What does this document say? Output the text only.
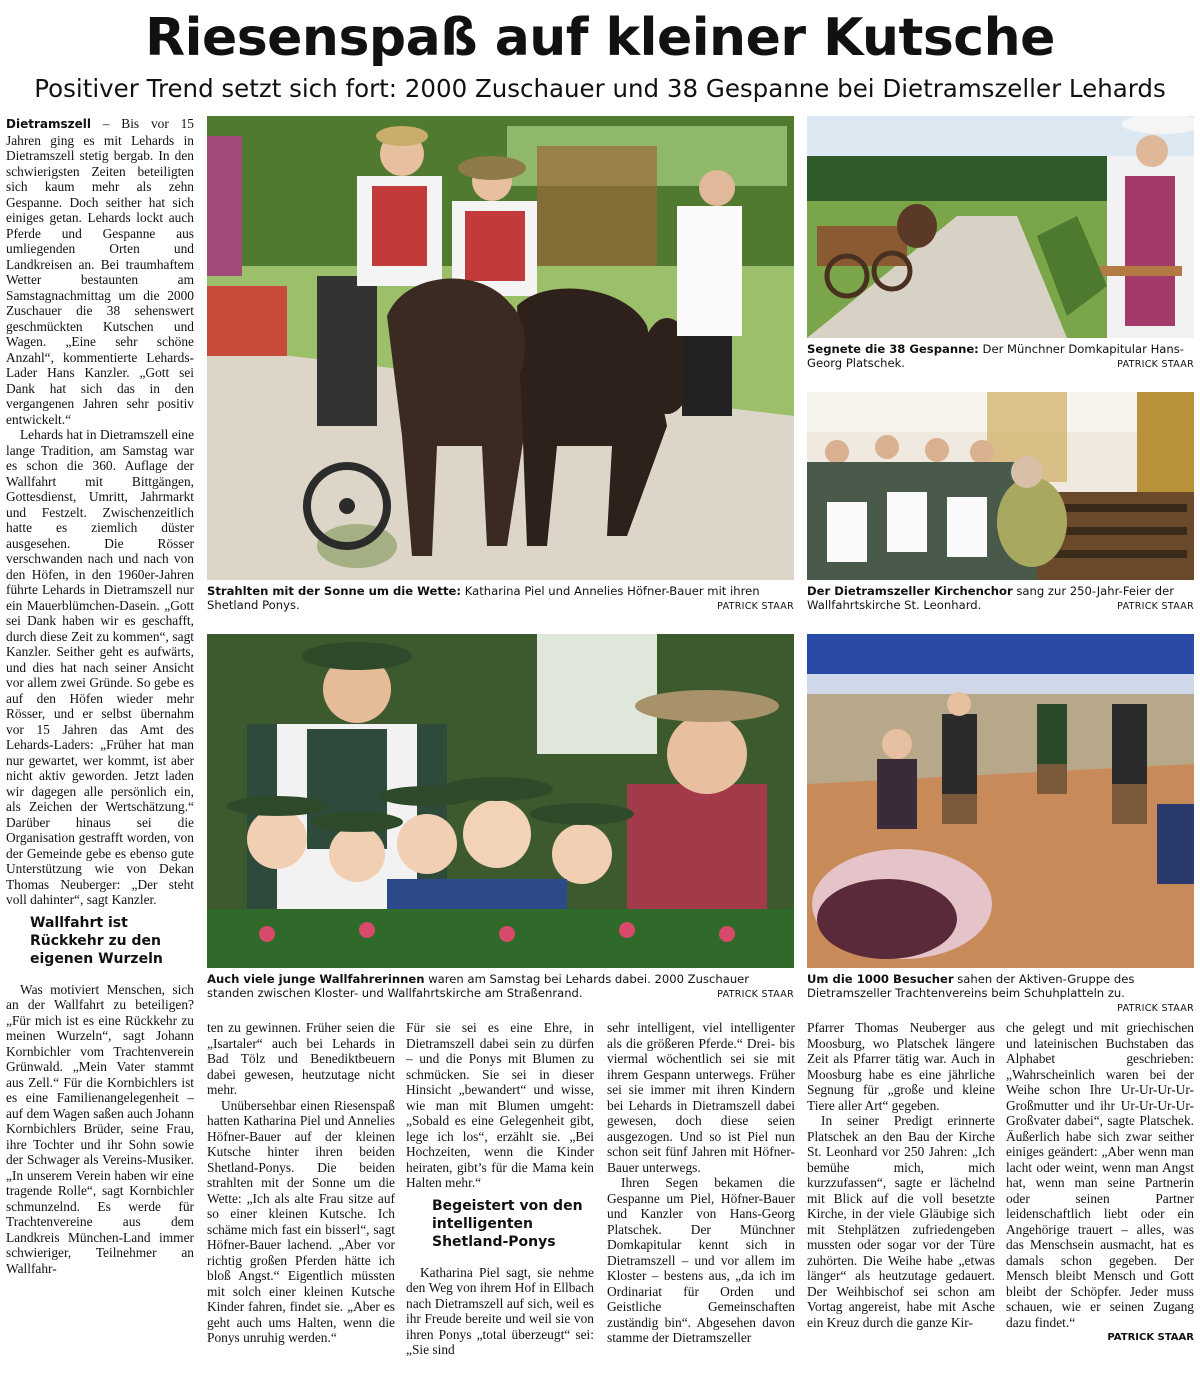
Riesenspaß auf kleiner Kutsche
Positiver Trend setzt sich fort: 2000 Zuschauer und 38 Gespanne bei Dietramszeller Lehards
Strahlten mit der Sonne um die Wette: Katharina Piel und Annelies Höfner-Bauer mit ihren Shetland Ponys.	PATRICK STAAR
Segnete die 38 Gespanne: Der Münchner Domkapitular Hans-Georg Platschek.	PATRICK STAAR
Der Dietramszeller Kirchenchor sang zur 250-Jahr-Feier der Wallfahrtskirche St. Leonhard.	PATRICK STAAR
Auch viele junge Wallfahrerinnen waren am Samstag bei Lehards dabei. 2000 Zuschauer standen zwischen Kloster- und Wallfahrtskirche am Straßenrand.	PATRICK STAAR
Um die 1000 Besucher sahen der Aktiven-Gruppe des Dietramszeller Trachtenvereins beim Schuhplatteln zu.
PATRICK STAAR

Dietramszell – Bis vor 15 Jahren ging es mit Lehards in Dietramszell stetig bergab. In den schwierigsten Zeiten beteiligten sich kaum mehr als zehn Gespanne. Doch seither hat sich einiges getan. Lehards lockt auch Pferde und Gespanne aus umliegenden Orten und Landkreisen an. Bei traumhaftem Wetter bestaunten am Samstagnachmittag um die 2000 Zuschauer die 38 sehenswert geschmückten Kutschen und Wagen. „Eine sehr schöne Anzahl“, kommentierte Lehards-Lader Hans Kanzler. „Gott sei Dank hat sich das in den vergangenen Jahren sehr positiv entwickelt.“

Lehards hat in Dietramszell eine lange Tradition, am Samstag war es schon die 360. Auflage der Wallfahrt mit Bittgängen, Gottesdienst, Umritt, Jahrmarkt und Festzelt. Zwischenzeitlich hatte es ziemlich düster ausgesehen. Die Rösser verschwanden nach und nach von den Höfen, in den 1960er-Jahren führte Lehards in Dietramszell nur ein Mauerblümchen-Dasein. „Gott sei Dank haben wir es geschafft, durch diese Zeit zu kommen“, sagt Kanzler. Seither geht es aufwärts, und dies hat nach seiner Ansicht vor allem zwei Gründe. So gebe es auf den Höfen wieder mehr Rösser, und er selbst übernahm vor 15 Jahren das Amt des Lehards-Laders: „Früher hat man nur gewartet, wer kommt, ist aber nicht aktiv geworden. Jetzt laden wir dagegen alle persönlich ein, als Zeichen der Wertschätzung.“ Darüber hinaus sei die Organisation gestrafft worden, von der Gemeinde gebe es ebenso gute Unterstützung wie von Dekan Thomas Neuberger: „Der steht voll dahinter“, sagt Kanzler.

Wallfahrt ist Rückkehr zu den eigenen Wurzeln

Was motiviert Menschen, sich an der Wallfahrt zu beteiligen? „Für mich ist es eine Rückkehr zu meinen Wurzeln“, sagt Johann Kornbichler vom Trachtenverein Grünwald. „Mein Vater stammt aus Zell.“ Für die Kornbichlers ist es eine Familienangelegenheit – auf dem Wagen saßen auch Johann Kornbichlers Brüder, seine Frau, ihre Tochter und ihr Sohn sowie der Schwager als Vereins-Musiker. „In unserem Verein haben wir eine tragende Rolle“, sagt Kornbichler schmunzelnd. Es werde für Trachtenvereine aus dem Landkreis München-Land immer schwieriger, Teilnehmer an Wallfahr-

ten zu gewinnen. Früher seien die „Isartaler“ auch bei Lehards in Bad Tölz und Benediktbeuern dabei gewesen, heutzutage nicht mehr.

Unübersehbar einen Riesenspaß hatten Katharina Piel und Annelies Höfner-Bauer auf der kleinen Kutsche hinter ihren beiden Shetland-Ponys. Die beiden strahlten mit der Sonne um die Wette: „Ich als alte Frau sitze auf so einer kleinen Kutsche. Ich schäme mich fast ein bisserl“, sagt Höfner-Bauer lachend. „Aber vor richtig großen Pferden hätte ich bloß Angst.“ Eigentlich müssten mit solch einer kleinen Kutsche Kinder fahren, findet sie. „Aber es geht auch ums Halten, wenn die Ponys unruhig werden.“

Für sie sei es eine Ehre, in Dietramszell dabei sein zu dürfen – und die Ponys mit Blumen zu schmücken. Sie sei in dieser Hinsicht „bewandert“ und wisse, wie man mit Blumen umgeht: „Sobald es eine Gelegenheit gibt, lege ich los“, erzählt sie. „Bei Hochzeiten, wenn die Kinder heiraten, gibt’s für die Mama kein Halten mehr.“

Begeistert von den intelligenten Shetland-Ponys

Katharina Piel sagt, sie nehme den Weg von ihrem Hof in Ellbach nach Dietramszell auf sich, weil es ihr Freude bereite und weil sie von ihren Ponys „total überzeugt“ sei: „Sie sind

sehr intelligent, viel intelligenter als die größeren Pferde.“ Drei- bis viermal wöchentlich sei sie mit ihrem Gespann unterwegs. Früher sei sie immer mit ihren Kindern bei Lehards in Dietramszell dabei gewesen, doch diese seien ausgezogen. Und so ist Piel nun schon seit fünf Jahren mit Höfner-Bauer unterwegs.

Ihren Segen bekamen die Gespanne um Piel, Höfner-Bauer und Kanzler von Hans-Georg Platschek. Der Münchner Domkapitular kennt sich in Dietramszell – und vor allem im Kloster – bestens aus, „da ich im Ordinariat für Orden und Geistliche Gemeinschaften zuständig bin“. Abgesehen davon stamme der Dietramszeller

Pfarrer Thomas Neuberger aus Moosburg, wo Platschek längere Zeit als Pfarrer tätig war. Auch in Moosburg habe es eine jährliche Segnung für „große und kleine Tiere aller Art“ gegeben.

In seiner Predigt erinnerte Platschek an den Bau der Kirche St. Leonhard vor 250 Jahren: „Ich bemühe mich, mich kurzzufassen“, sagte er lächelnd mit Blick auf die voll besetzte Kirche, in der viele Gläubige sich mit Stehplätzen zufriedengeben mussten oder sogar vor der Türe zuhörten. Die Weihe habe „etwas länger“ als heutzutage gedauert. Der Weihbischof sei schon am Vortag angereist, habe mit Asche ein Kreuz durch die ganze Kir-

che gelegt und mit griechischen und lateinischen Buchstaben das Alphabet geschrieben: „Wahrscheinlich waren bei der Weihe schon Ihre Ur-Ur-Ur-Ur-Großmutter und ihr Ur-Ur-Ur-Ur-Großvater dabei“, sagte Platschek. Äußerlich habe sich zwar seither einiges geändert: „Aber wenn man lacht oder weint, wenn man Angst hat, wenn man seine Partnerin oder seinen Partner leidenschaftlich liebt oder ein Angehörige trauert – alles, was das Menschsein ausmacht, hat es damals schon gegeben. Der Mensch bleibt Mensch und Gott bleibt der Schöpfer. Jeder muss schauen, wie er seinen Zugang dazu findet.“

PATRICK STAAR
